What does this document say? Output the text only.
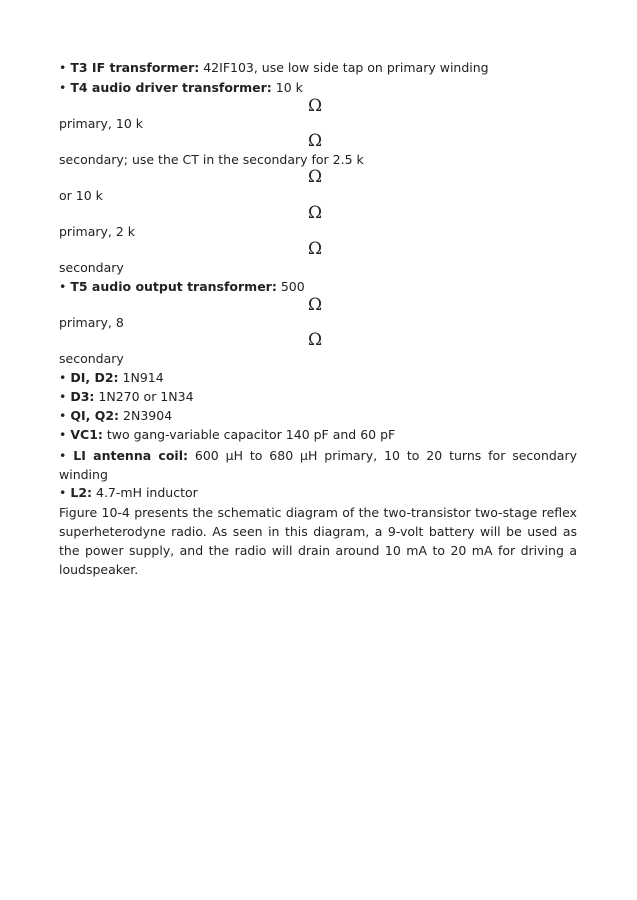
• T3 IF transformer: 42IF103, use low side tap on primary winding
• T4 audio driver transformer: 10 k
Ω
primary, 10 k
Ω
secondary; use the CT in the secondary for 2.5 k
Ω
or 10 k
Ω
primary, 2 k
Ω
secondary
• T5 audio output transformer: 500
Ω
primary, 8
Ω
secondary
• DI, D2: 1N914
• D3: 1N270 or 1N34
• QI, Q2: 2N3904
• VC1: two gang-variable capacitor 140 pF and 60 pF
• LI antenna coil: 600 μH to 680 μH primary, 10 to 20 turns for secondary winding
• L2: 4.7-mH inductor
Figure 10-4 presents the schematic diagram of the two-transistor two-stage reflex superheterodyne radio. As seen in this diagram, a 9-volt battery will be used as the power supply, and the radio will drain around 10 mA to 20 mA for driving a loudspeaker.
